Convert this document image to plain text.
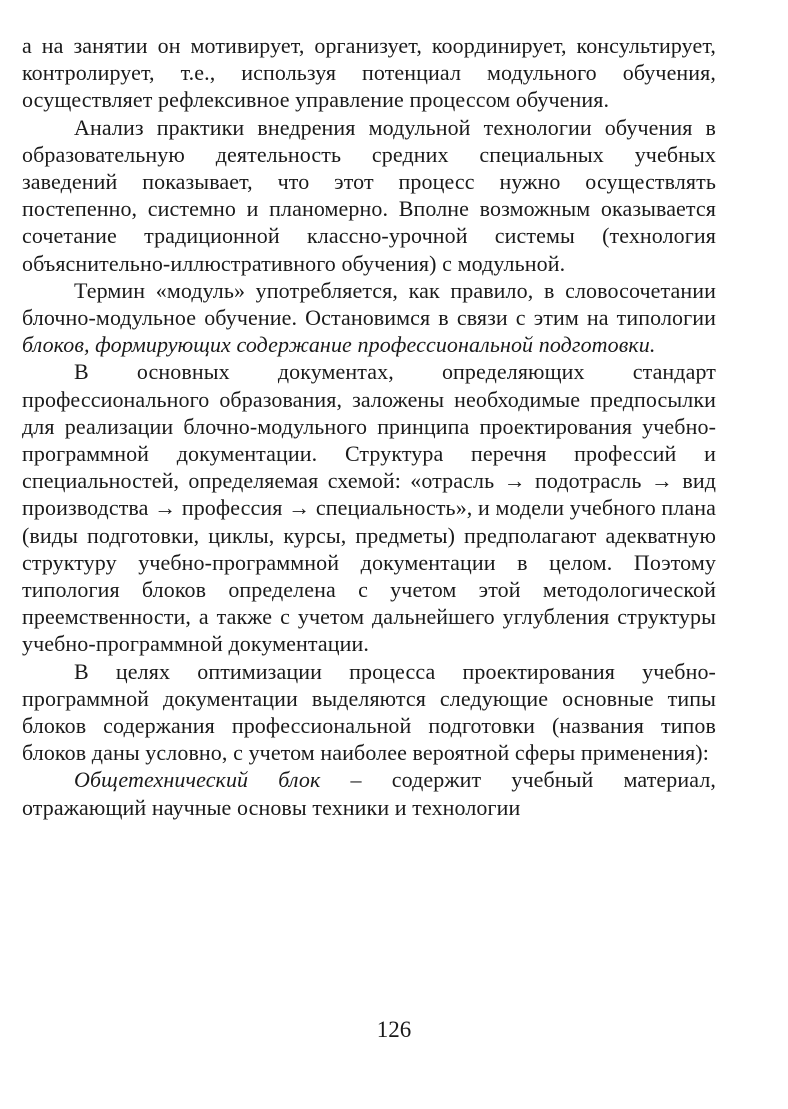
а на занятии он мотивирует, организует, координирует, консультирует, контролирует, т.е., используя потенциал модульного обучения, осуществляет рефлексивное управление процессом обучения.

Анализ практики внедрения модульной технологии обучения в образовательную деятельность средних специальных учебных заведений показывает, что этот процесс нужно осуществлять постепенно, системно и планомерно. Вполне возможным оказывается сочетание традиционной классно-урочной системы (технология объяснительно-иллюстративного обучения) с модульной.

Термин «модуль» употребляется, как правило, в словосочетании блочно-модульное обучение. Остановимся в связи с этим на типологии блоков, формирующих содержание профессиональной подготовки.

В основных документах, определяющих стандарт профессионального образования, заложены необходимые предпосылки для реализации блочно-модульного принципа проектирования учебно-программной документации. Структура перечня профессий и специальностей, определяемая схемой: «отрасль → подотрасль → вид производства → профессия → специальность», и модели учебного плана (виды подготовки, циклы, курсы, предметы) предполагают адекватную структуру учебно-программной документации в целом. Поэтому типология блоков определена с учетом этой методологической преемственности, а также с учетом дальнейшего углубления структуры учебно-программной документации.

В целях оптимизации процесса проектирования учебно-программной документации выделяются следующие основные типы блоков содержания профессиональной подготовки (названия типов блоков даны условно, с учетом наиболее вероятной сферы применения):

Общетехнический блок – содержит учебный материал, отражающий научные основы техники и технологии

126
